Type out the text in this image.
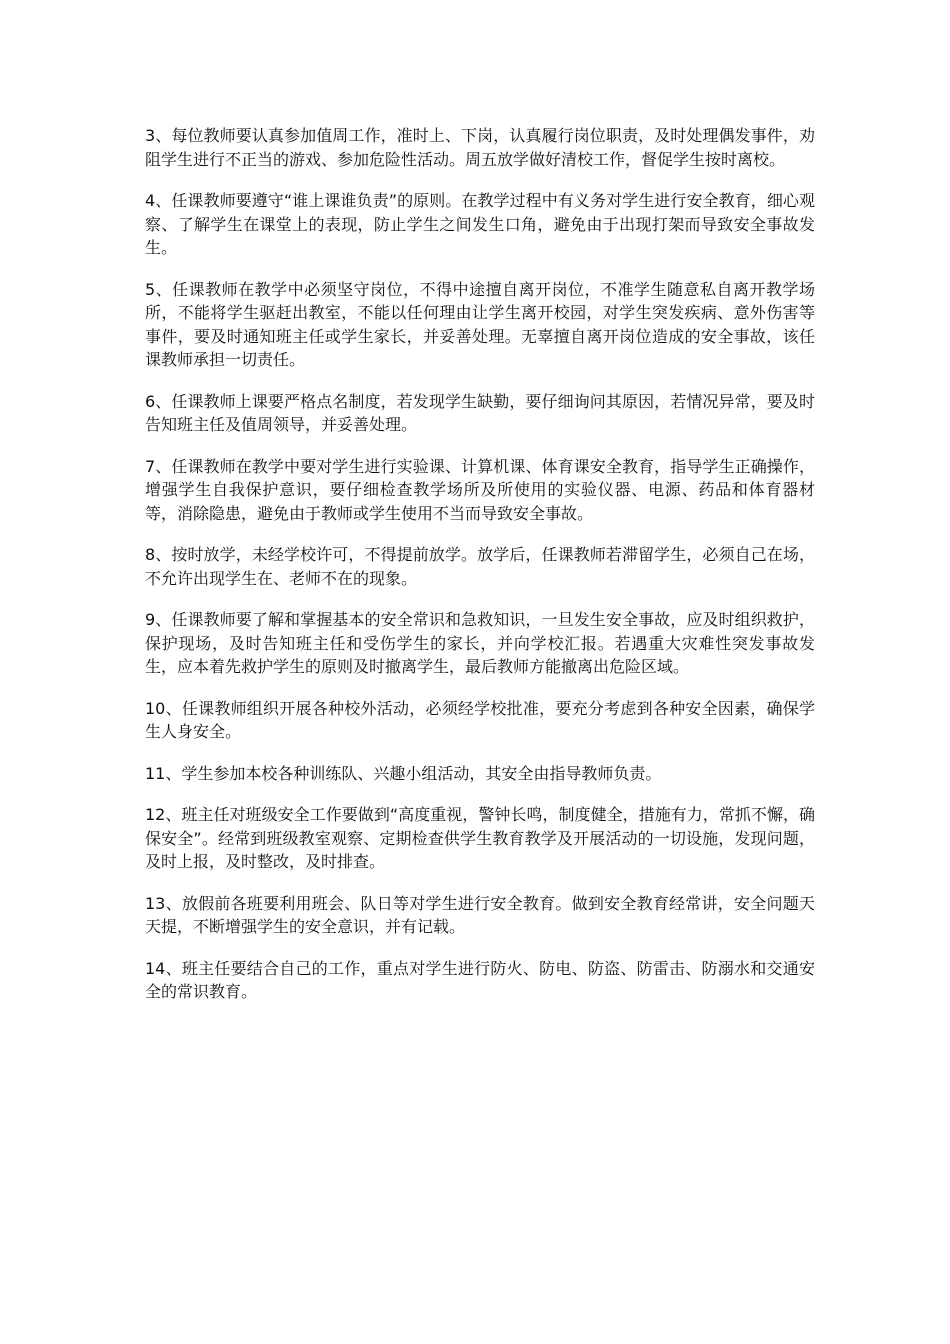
3、每位教师要认真参加值周工作，准时上、下岗，认真履行岗位职责，及时处理偶发事件，劝阻学生进行不正当的游戏、参加危险性活动。周五放学做好清校工作，督促学生按时离校。

4、任课教师要遵守“谁上课谁负责”的原则。在教学过程中有义务对学生进行安全教育，细心观察、了解学生在课堂上的表现，防止学生之间发生口角，避免由于出现打架而导致安全事故发生。

5、任课教师在教学中必须坚守岗位，不得中途擅自离开岗位，不准学生随意私自离开教学场所，不能将学生驱赶出教室，不能以任何理由让学生离开校园，对学生突发疾病、意外伤害等事件，要及时通知班主任或学生家长，并妥善处理。无辜擅自离开岗位造成的安全事故，该任课教师承担一切责任。

6、任课教师上课要严格点名制度，若发现学生缺勤，要仔细询问其原因，若情况异常，要及时告知班主任及值周领导，并妥善处理。

7、任课教师在教学中要对学生进行实验课、计算机课、体育课安全教育，指导学生正确操作，增强学生自我保护意识，要仔细检查教学场所及所使用的实验仪器、电源、药品和体育器材等，消除隐患，避免由于教师或学生使用不当而导致安全事故。

8、按时放学，未经学校许可，不得提前放学。放学后，任课教师若滞留学生，必须自己在场，不允许出现学生在、老师不在的现象。

9、任课教师要了解和掌握基本的安全常识和急救知识，一旦发生安全事故，应及时组织救护，保护现场，及时告知班主任和受伤学生的家长，并向学校汇报。若遇重大灾难性突发事故发生，应本着先救护学生的原则及时撤离学生，最后教师方能撤离出危险区域。

10、任课教师组织开展各种校外活动，必须经学校批准，要充分考虑到各种安全因素，确保学生人身安全。

11、学生参加本校各种训练队、兴趣小组活动，其安全由指导教师负责。

12、班主任对班级安全工作要做到“高度重视，警钟长鸣，制度健全，措施有力，常抓不懈，确保安全”。经常到班级教室观察、定期检查供学生教育教学及开展活动的一切设施，发现问题，及时上报，及时整改，及时排查。

13、放假前各班要利用班会、队日等对学生进行安全教育。做到安全教育经常讲，安全问题天天提，不断增强学生的安全意识，并有记载。

14、班主任要结合自己的工作，重点对学生进行防火、防电、防盗、防雷击、防溺水和交通安全的常识教育。
